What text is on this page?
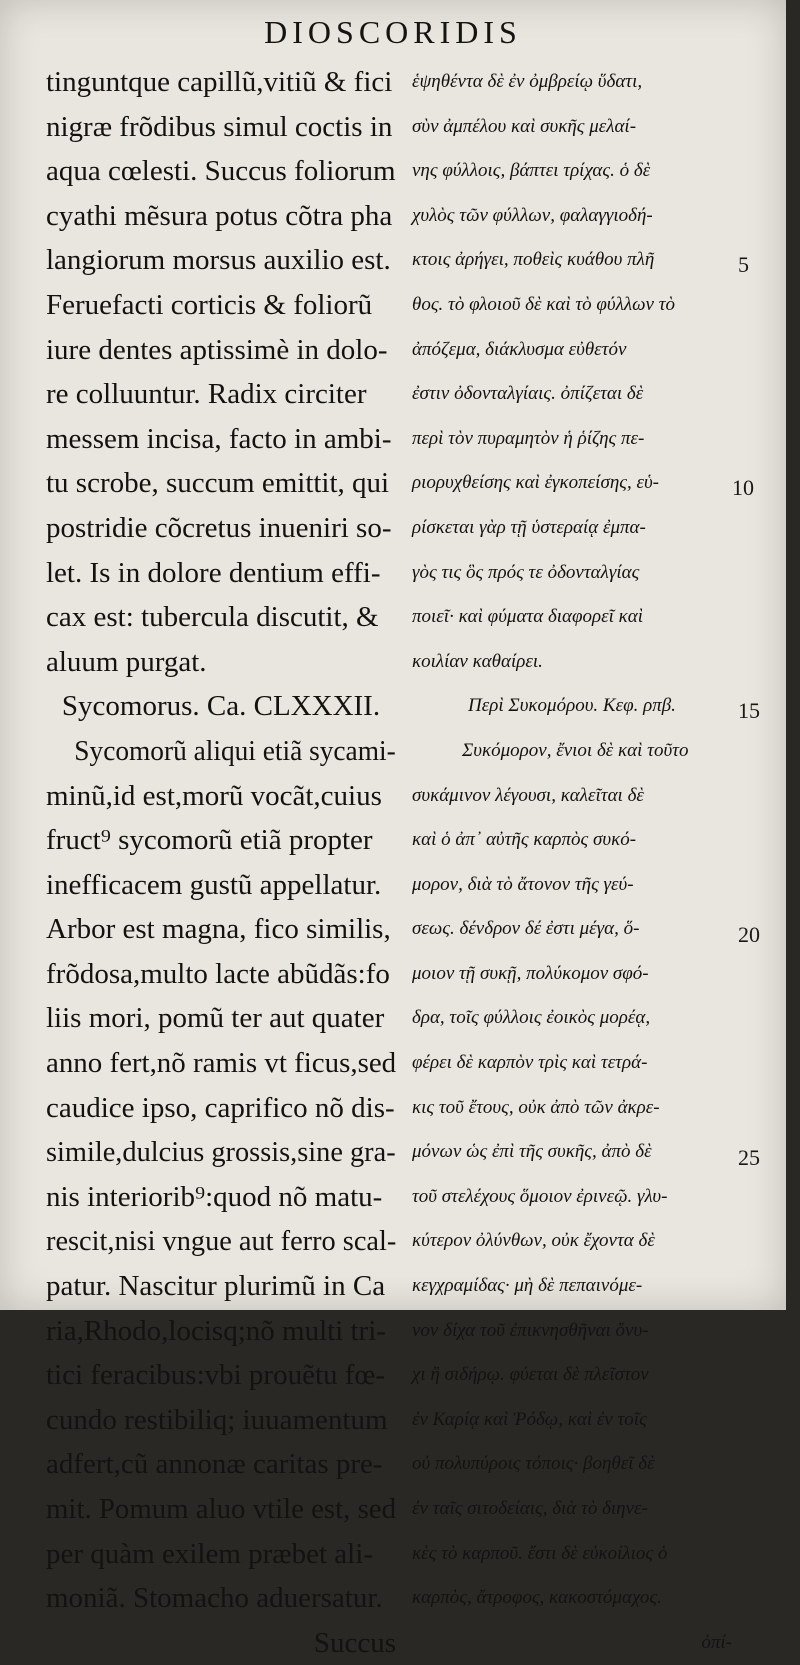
DIOSCORIDIS
tinguntque capillũ,vitiũ & fici
nigræ frõdibus simul coctis in
aqua cœlesti. Succus foliorum
cyathi mẽsura potus cõtra pha
langiorum morsus auxilio est.
Feruefacti corticis & foliorũ
iure dentes aptissimè in dolo-
re colluuntur. Radix circiter
messem incisa, facto in ambi-
tu scrobe, succum emittit, qui
postridie cõcretus inueniri so-
let. Is in dolore dentium effi-
cax est: tubercula discutit, &
aluum purgat.
Sycomorus. Ca. CLXXXII.
Sycomorũ aliqui etiã sycami-
minũ,id est,morũ vocãt,cuius
fruct⁹ sycomorũ etiã propter
inefficacem gustũ appellatur.
Arbor est magna, fico similis,
frõdosa,multo lacte abũdãs:fo
liis mori, pomũ ter aut quater
anno fert,nõ ramis vt ficus,sed
caudice ipso, caprifico nõ dis-
simile,dulcius grossis,sine gra-
nis interiorib⁹:quod nõ matu-
rescit,nisi vngue aut ferro scal-
patur. Nascitur plurimũ in Ca
ria,Rhodo,locisq;nõ multi tri-
tici feracibus:vbi prouẽtu fœ-
cundo restibiliq; iuuamentum
adfert,cũ annonæ caritas pre-
mit. Pomum aluo vtile est, sed
per quàm exilem præbet ali-
moniã. Stomacho aduersatur.
Succus
ἑψηθέντα δὲ ἐν ὀμβρείῳ ὕδατι,
σὺν ἀμπέλου καὶ συκῆς μελαί-
νης φύλλοις, βάπτει τρίχας. ὁ δὲ
χυλὸς τῶν φύλλων, φαλαγγιοδή-
κτοις ἀρήγει, ποθεὶς κυάθου πλῆ
θος. τὸ φλοιοῦ δὲ καὶ τὸ φύλλων τὸ
ἀπόζεμα, διάκλυσμα εὐθετόν
ἐστιν ὀδονταλγίαις. ὀπίζεται δὲ
περὶ τὸν πυραμητὸν ἡ ῥίζης πε-
ριορυχθείσης καὶ ἐγκοπείσης, εὑ-
ρίσκεται γὰρ τῇ ὑστεραίᾳ ἐμπα-
γὸς τις ὃς πρός τε ὀδονταλγίας
ποιεῖ· καὶ φύματα διαφορεῖ καὶ
κοιλίαν καθαίρει.
Περὶ Συκομόρου. Κεφ. ρπβ.
Συκόμορον, ἔνιοι δὲ καὶ τοῦτο
συκάμινον λέγουσι, καλεῖται δὲ
καὶ ὁ ἀπ᾽ αὐτῆς καρπὸς συκό-
μορον, διὰ τὸ ἄτονον τῆς γεύ-
σεως. δένδρον δέ ἐστι μέγα, ὅ-
μοιον τῇ συκῇ, πολύκομον σφό-
δρα, τοῖς φύλλοις ἐοικὸς μορέᾳ,
φέρει δὲ καρπὸν τρὶς καὶ τετρά-
κις τοῦ ἔτους, οὐκ ἀπὸ τῶν ἀκρε-
μόνων ὡς ἐπὶ τῆς συκῆς, ἀπὸ δὲ
τοῦ στελέχους ὅμοιον ἐρινεῷ. γλυ-
κύτερον ὀλύνθων, οὐκ ἔχοντα δὲ
κεγχραμίδας· μὴ δὲ πεπαινόμε-
νον δίχα τοῦ ἐπικνησθῆναι ὄνυ-
χι ἢ σιδήρῳ. φύεται δὲ πλεῖστον
ἐν Καρίᾳ καὶ Ῥόδῳ, καὶ ἐν τοῖς
οὐ πολυπύροις τόποις· βοηθεῖ δὲ
ἐν ταῖς σιτοδείαις, διὰ τὸ διηνε-
κὲς τὸ καρποῦ. ἔστι δὲ εὐκοίλιος ὁ
καρπὸς, ἄτροφος, κακοστόμαχος.
ὀπί-
5
10
15
20
25
